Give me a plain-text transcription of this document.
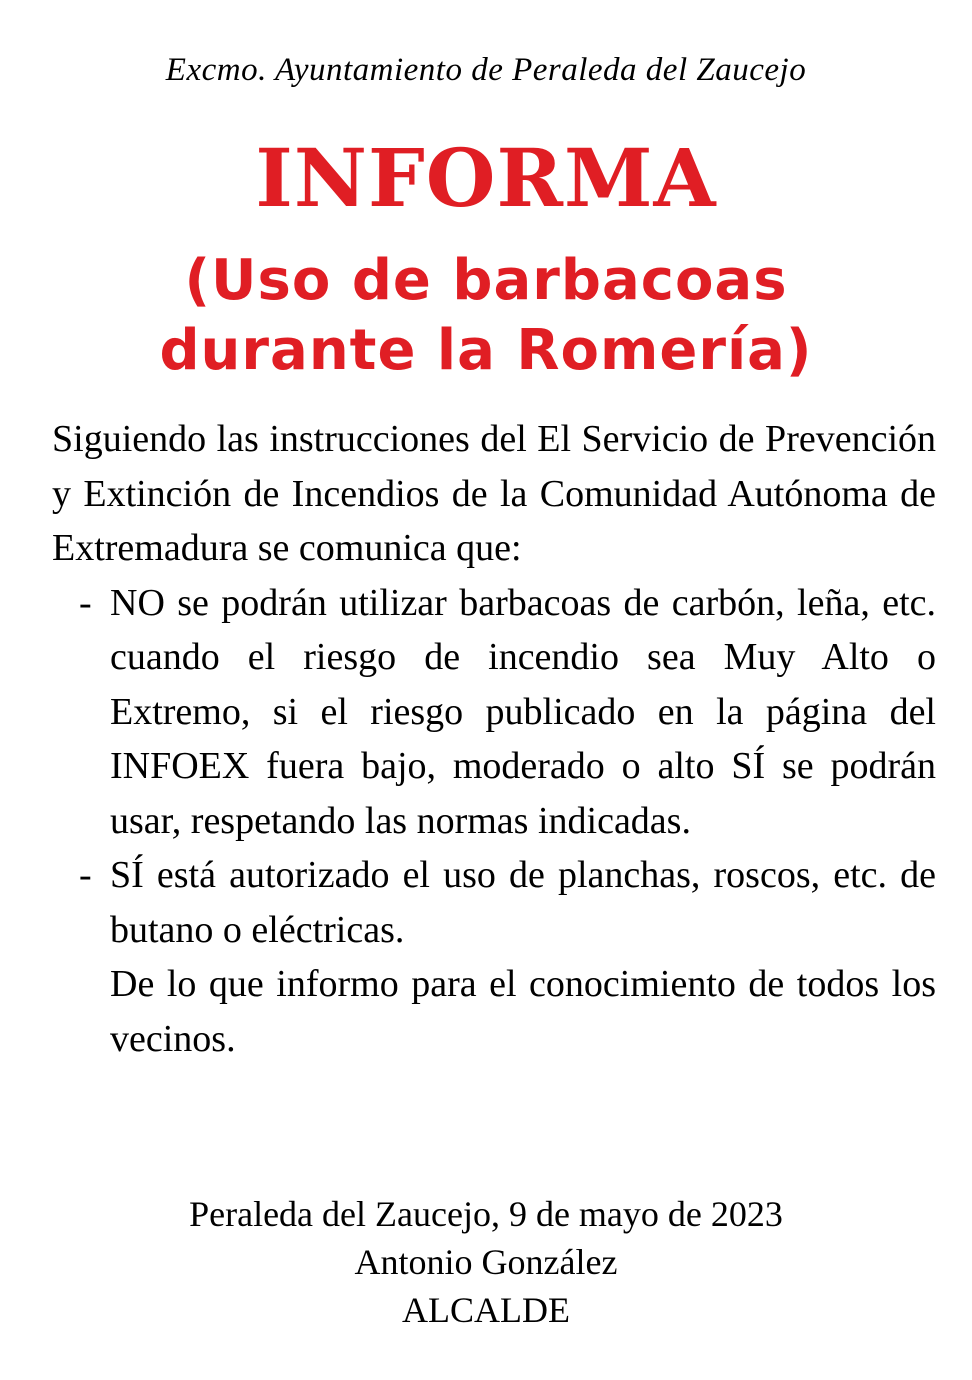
Excmo. Ayuntamiento de Peraleda del Zaucejo
INFORMA
(Uso de barbacoas
durante la Romería)

Siguiendo las instrucciones del El Servicio de Prevención y Extinción de Incendios de la Comunidad Autónoma de Extremadura se comunica que:

- NO se podrán utilizar barbacoas de carbón, leña, etc. cuando el riesgo de incendio sea Muy Alto o Extremo, si el riesgo publicado en la página del INFOEX fuera bajo, moderado o alto SÍ se podrán usar, respetando las normas indicadas.
- SÍ está autorizado el uso de planchas, roscos, etc. de butano o eléctricas.

De lo que informo para el conocimiento de todos los vecinos.

Peraleda del Zaucejo, 9 de mayo de 2023
Antonio González
ALCALDE
